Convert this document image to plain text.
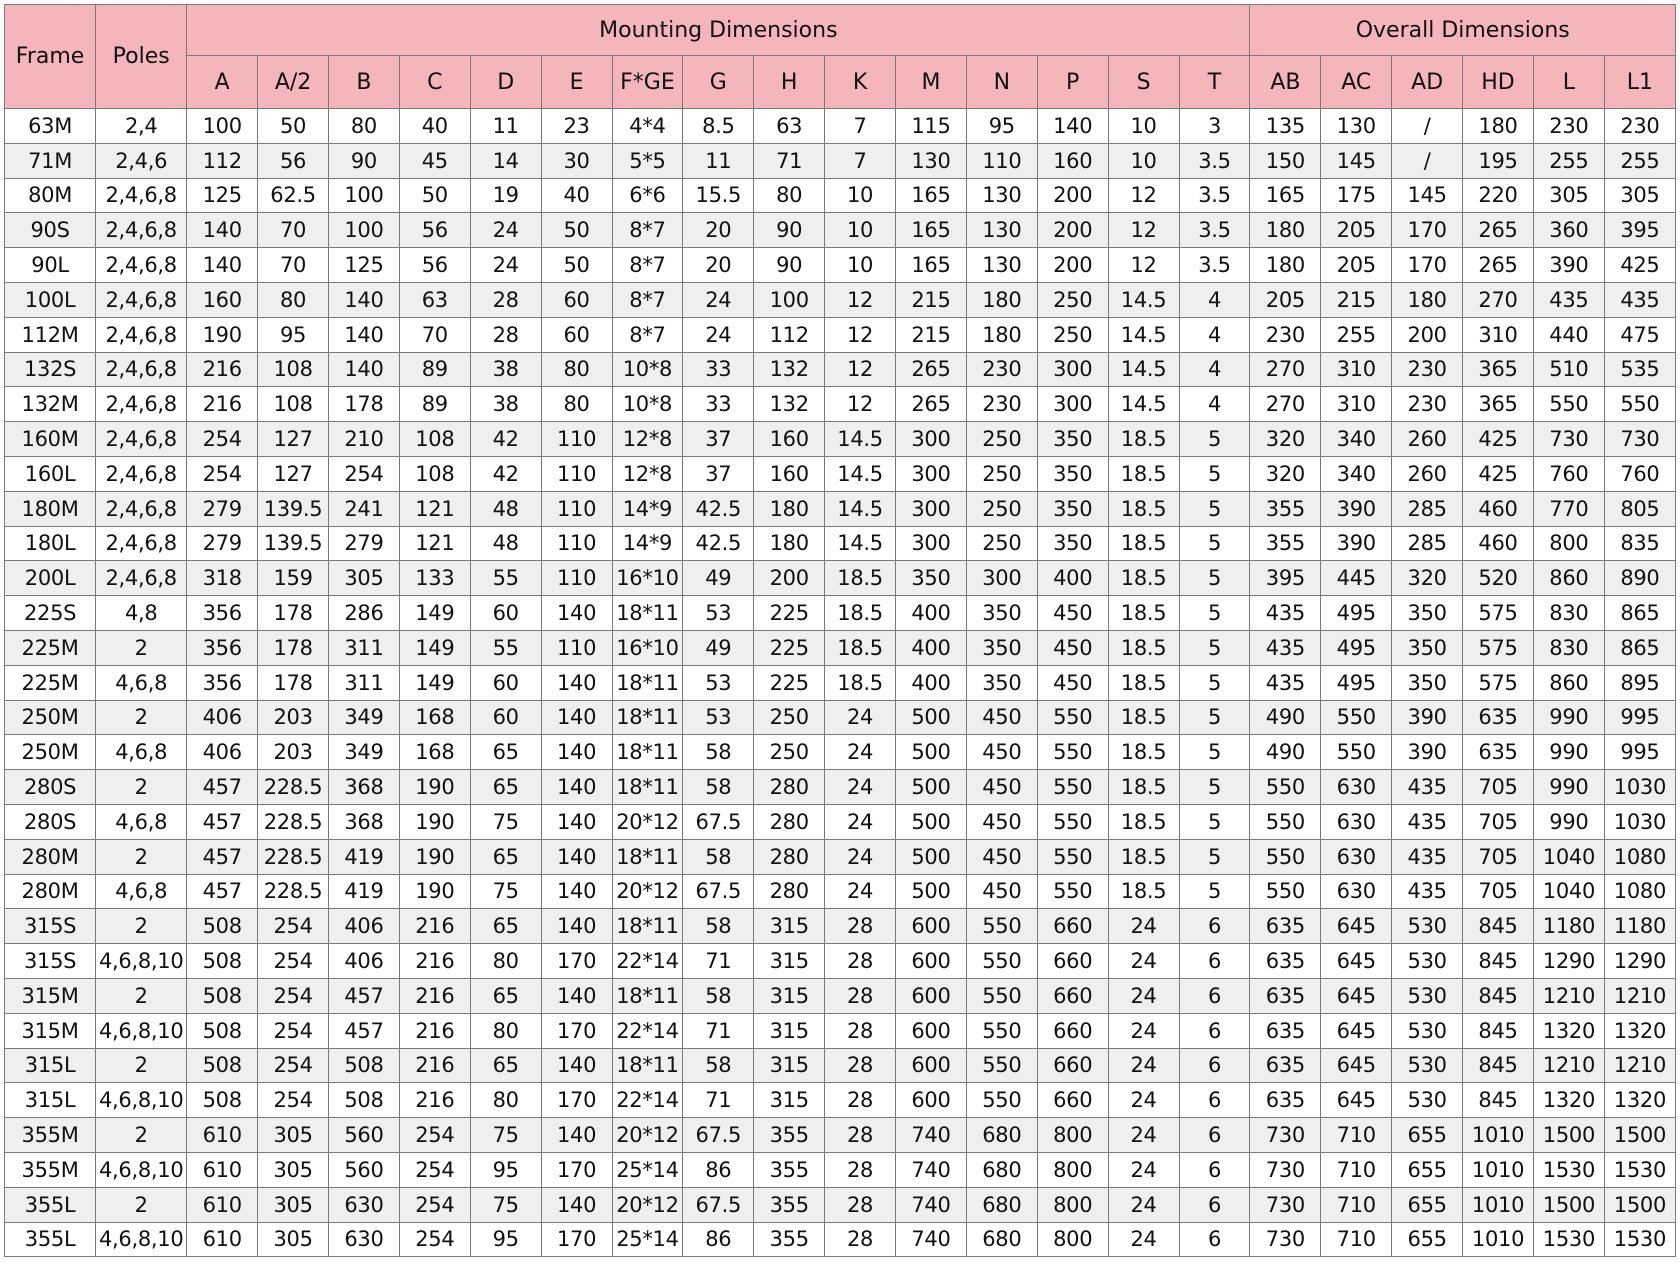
Frame	Poles	Mounting Dimensions															Overall Dimensions					
		A	A/2	B	C	D	E	F*GE	G	H	K	M	N	P	S	T	AB	AC	AD	HD	L	L1
63M	2,4	100	50	80	40	11	23	4*4	8.5	63	7	115	95	140	10	3	135	130	/	180	230	230
71M	2,4,6	112	56	90	45	14	30	5*5	11	71	7	130	110	160	10	3.5	150	145	/	195	255	255
80M	2,4,6,8	125	62.5	100	50	19	40	6*6	15.5	80	10	165	130	200	12	3.5	165	175	145	220	305	305
90S	2,4,6,8	140	70	100	56	24	50	8*7	20	90	10	165	130	200	12	3.5	180	205	170	265	360	395
90L	2,4,6,8	140	70	125	56	24	50	8*7	20	90	10	165	130	200	12	3.5	180	205	170	265	390	425
100L	2,4,6,8	160	80	140	63	28	60	8*7	24	100	12	215	180	250	14.5	4	205	215	180	270	435	435
112M	2,4,6,8	190	95	140	70	28	60	8*7	24	112	12	215	180	250	14.5	4	230	255	200	310	440	475
132S	2,4,6,8	216	108	140	89	38	80	10*8	33	132	12	265	230	300	14.5	4	270	310	230	365	510	535
132M	2,4,6,8	216	108	178	89	38	80	10*8	33	132	12	265	230	300	14.5	4	270	310	230	365	550	550
160M	2,4,6,8	254	127	210	108	42	110	12*8	37	160	14.5	300	250	350	18.5	5	320	340	260	425	730	730
160L	2,4,6,8	254	127	254	108	42	110	12*8	37	160	14.5	300	250	350	18.5	5	320	340	260	425	760	760
180M	2,4,6,8	279	139.5	241	121	48	110	14*9	42.5	180	14.5	300	250	350	18.5	5	355	390	285	460	770	805
180L	2,4,6,8	279	139.5	279	121	48	110	14*9	42.5	180	14.5	300	250	350	18.5	5	355	390	285	460	800	835
200L	2,4,6,8	318	159	305	133	55	110	16*10	49	200	18.5	350	300	400	18.5	5	395	445	320	520	860	890
225S	4,8	356	178	286	149	60	140	18*11	53	225	18.5	400	350	450	18.5	5	435	495	350	575	830	865
225M	2	356	178	311	149	55	110	16*10	49	225	18.5	400	350	450	18.5	5	435	495	350	575	830	865
225M	4,6,8	356	178	311	149	60	140	18*11	53	225	18.5	400	350	450	18.5	5	435	495	350	575	860	895
250M	2	406	203	349	168	60	140	18*11	53	250	24	500	450	550	18.5	5	490	550	390	635	990	995
250M	4,6,8	406	203	349	168	65	140	18*11	58	250	24	500	450	550	18.5	5	490	550	390	635	990	995
280S	2	457	228.5	368	190	65	140	18*11	58	280	24	500	450	550	18.5	5	550	630	435	705	990	1030
280S	4,6,8	457	228.5	368	190	75	140	20*12	67.5	280	24	500	450	550	18.5	5	550	630	435	705	990	1030
280M	2	457	228.5	419	190	65	140	18*11	58	280	24	500	450	550	18.5	5	550	630	435	705	1040	1080
280M	4,6,8	457	228.5	419	190	75	140	20*12	67.5	280	24	500	450	550	18.5	5	550	630	435	705	1040	1080
315S	2	508	254	406	216	65	140	18*11	58	315	28	600	550	660	24	6	635	645	530	845	1180	1180
315S	4,6,8,10	508	254	406	216	80	170	22*14	71	315	28	600	550	660	24	6	635	645	530	845	1290	1290
315M	2	508	254	457	216	65	140	18*11	58	315	28	600	550	660	24	6	635	645	530	845	1210	1210
315M	4,6,8,10	508	254	457	216	80	170	22*14	71	315	28	600	550	660	24	6	635	645	530	845	1320	1320
315L	2	508	254	508	216	65	140	18*11	58	315	28	600	550	660	24	6	635	645	530	845	1210	1210
315L	4,6,8,10	508	254	508	216	80	170	22*14	71	315	28	600	550	660	24	6	635	645	530	845	1320	1320
355M	2	610	305	560	254	75	140	20*12	67.5	355	28	740	680	800	24	6	730	710	655	1010	1500	1500
355M	4,6,8,10	610	305	560	254	95	170	25*14	86	355	28	740	680	800	24	6	730	710	655	1010	1530	1530
355L	2	610	305	630	254	75	140	20*12	67.5	355	28	740	680	800	24	6	730	710	655	1010	1500	1500
355L	4,6,8,10	610	305	630	254	95	170	25*14	86	355	28	740	680	800	24	6	730	710	655	1010	1530	1530
